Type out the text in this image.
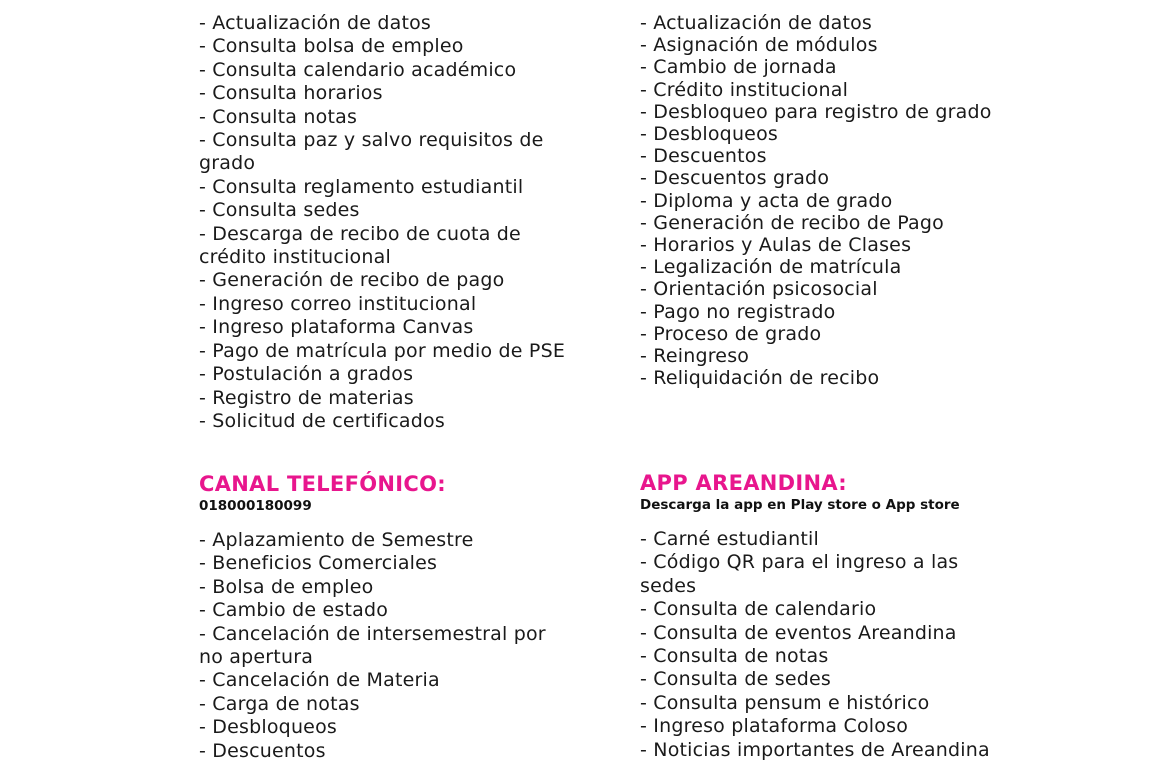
- Actualización de datos
- Consulta bolsa de empleo
- Consulta calendario académico
- Consulta horarios
- Consulta notas
- Consulta paz y salvo requisitos de grado
- Consulta reglamento estudiantil
- Consulta sedes
- Descarga de recibo de cuota de crédito institucional
- Generación de recibo de pago
- Ingreso correo institucional
- Ingreso plataforma Canvas
- Pago de matrícula por medio de PSE
- Postulación a grados
- Registro de materias
- Solicitud de certificados
- Actualización de datos
- Asignación de módulos
- Cambio de jornada
- Crédito institucional
- Desbloqueo para registro de grado
- Desbloqueos
- Descuentos
- Descuentos grado
- Diploma y acta de grado
- Generación de recibo de Pago
- Horarios y Aulas de Clases
- Legalización de matrícula
- Orientación psicosocial
- Pago no registrado
- Proceso de grado
- Reingreso
- Reliquidación de recibo
CANAL TELEFÓNICO:
018000180099
APP AREANDINA:
Descarga la app en Play store o App store
- Aplazamiento de Semestre
- Beneficios Comerciales
- Bolsa de empleo
- Cambio de estado
- Cancelación de intersemestral por no apertura
- Cancelación de Materia
- Carga de notas
- Desbloqueos
- Descuentos
- Carné estudiantil
- Código QR para el ingreso a las sedes
- Consulta de calendario
- Consulta de eventos Areandina
- Consulta de notas
- Consulta de sedes
- Consulta pensum e histórico
- Ingreso plataforma Coloso
- Noticias importantes de Areandina
